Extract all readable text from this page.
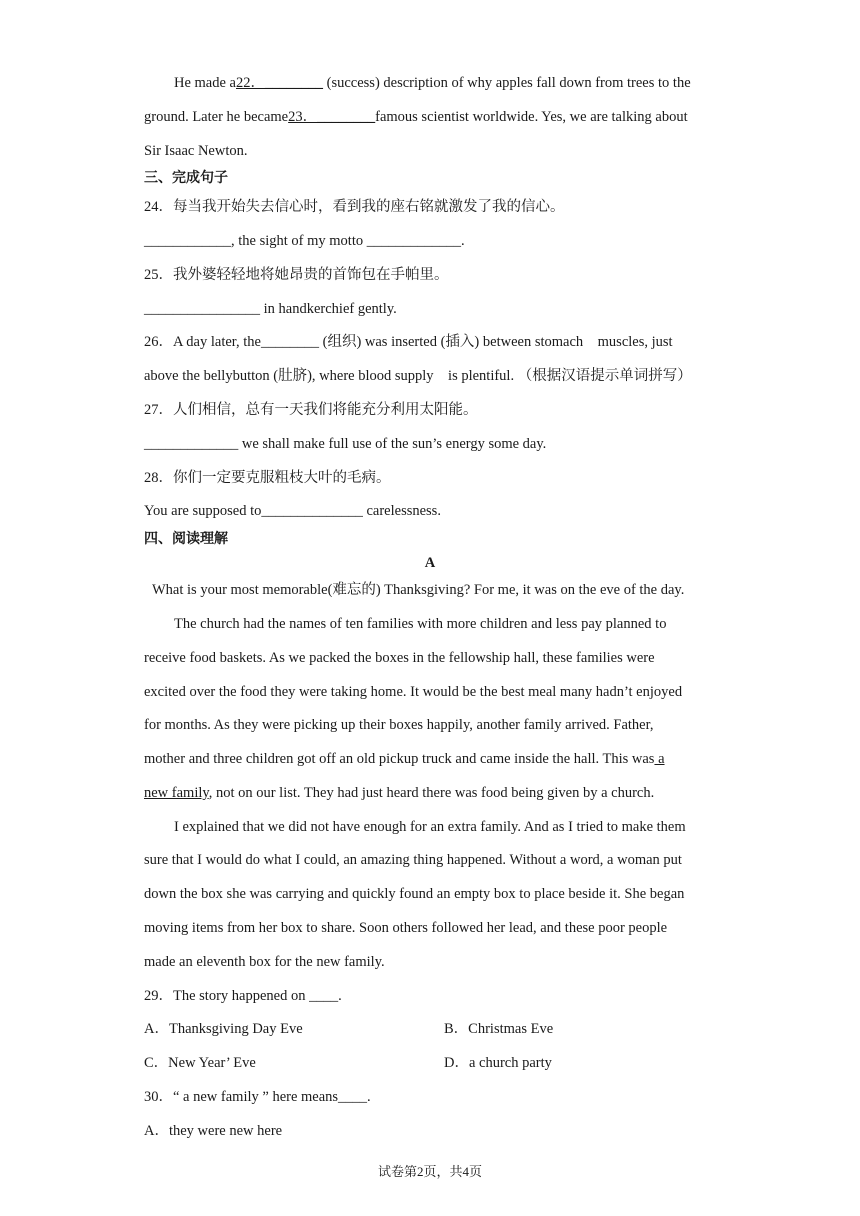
He made a22．________ (success) description of why apples fall down from trees to the
ground. Later he became23．________famous scientist worldwide. Yes, we are talking about
Sir Isaac Newton.
三、完成句子
24．每当我开始失去信心时，看到我的座右铭就激发了我的信心。
____________, the sight of my motto _____________.
25．我外婆轻轻地将她昂贵的首饰包在手帕里。
________________ in handkerchief gently.
26．A day later, the________ (组织) was inserted (插入) between stomach　muscles, just
above the bellybutton (肚脐), where blood supply　is plentiful. （根据汉语提示单词拼写）
27．人们相信，总有一天我们将能充分利用太阳能。
_____________ we shall make full use of the sun’s energy some day.
28．你们一定要克服粗枝大叶的毛病。
You are supposed to______________ carelessness.
四、阅读理解
A
What is your most memorable(难忘的) Thanksgiving? For me, it was on the eve of the day.
The church had the names of ten families with more children and less pay planned to
receive food baskets. As we packed the boxes in the fellowship hall, these families were
excited over the food they were taking home. It would be the best meal many hadn’t enjoyed
for months. As they were picking up their boxes happily, another family arrived. Father,
mother and three children got off an old pickup truck and came inside the hall. This was a
new family, not on our list. They had just heard there was food being given by a church.
I explained that we did not have enough for an extra family. And as I tried to make them
sure that I would do what I could, an amazing thing happened. Without a word, a woman put
down the box she was carrying and quickly found an empty box to place beside it. She began
moving items from her box to share. Soon others followed her lead, and these poor people
made an eleventh box for the new family.
29．The story happened on ____.
A．Thanksgiving Day Eve	B．Christmas Eve
C．New Year’ Eve	D．a church party
30．“ a new family ” here means____.
A．they were new here
试卷第2页，共4页
